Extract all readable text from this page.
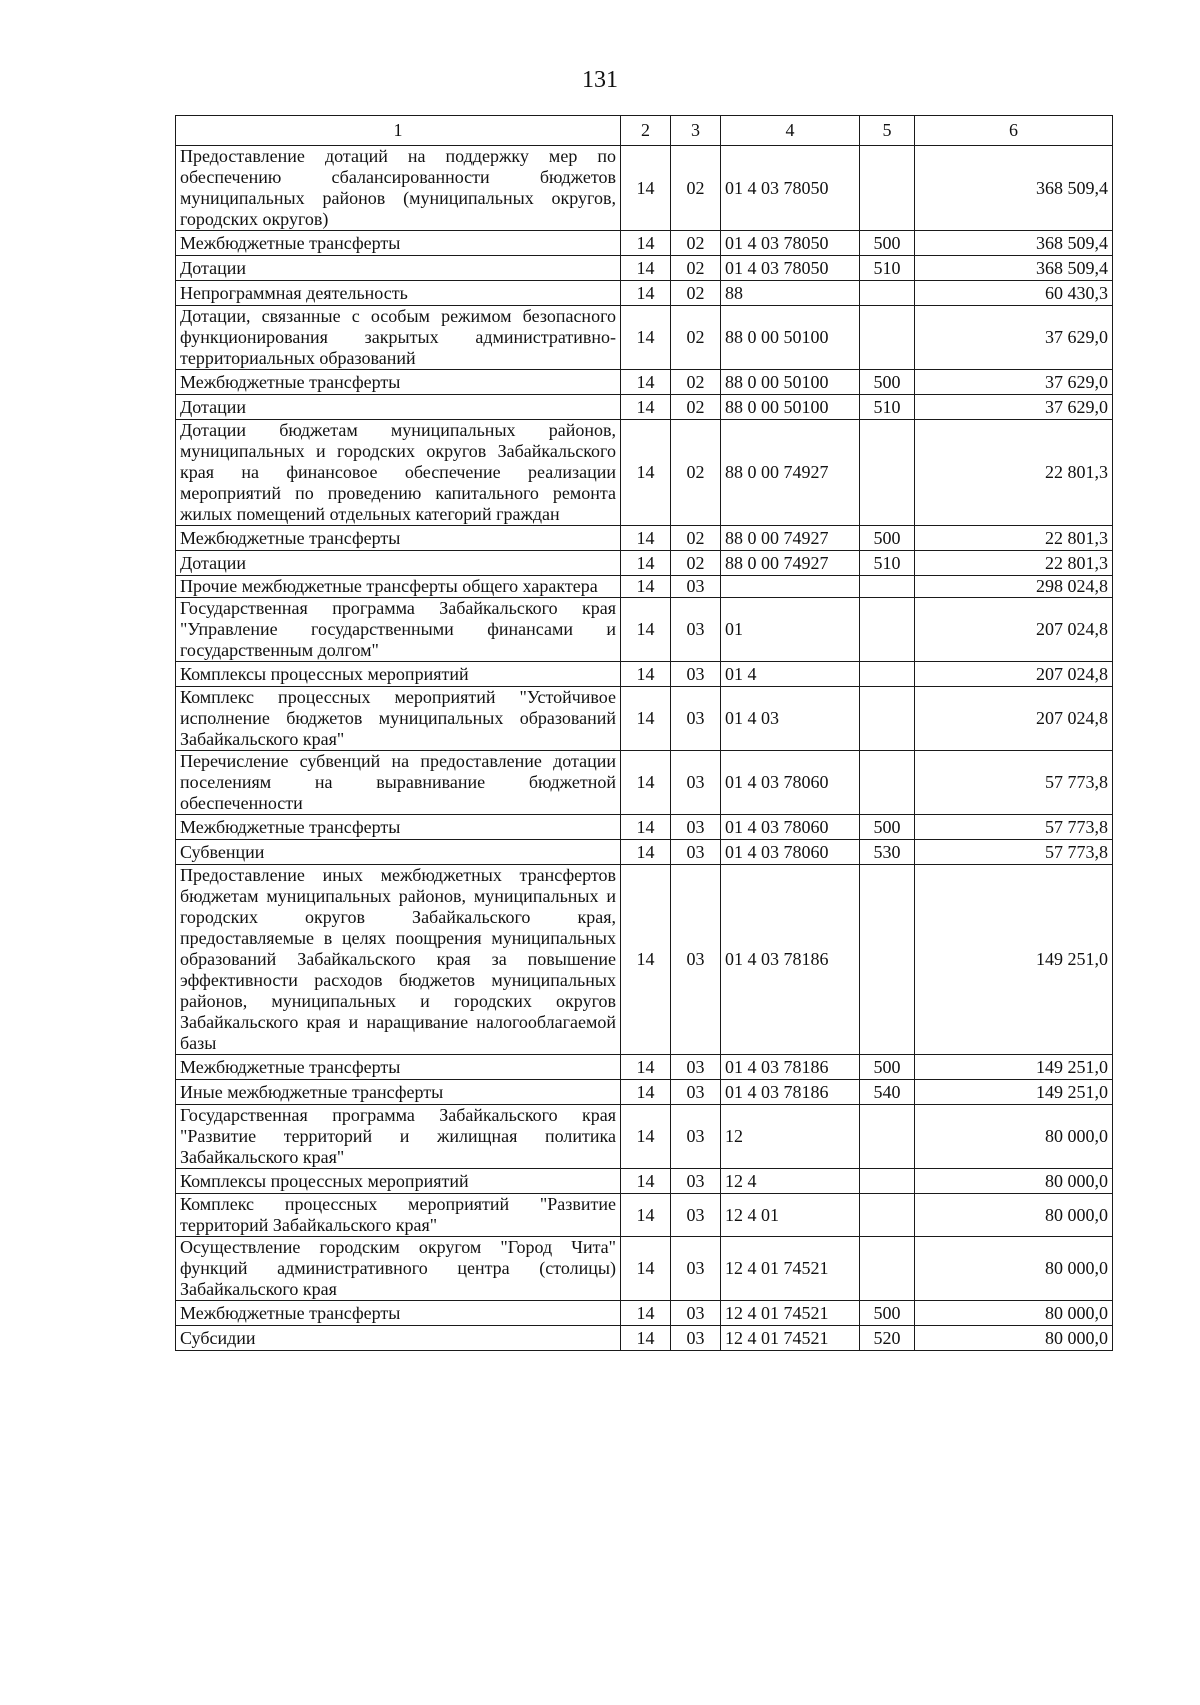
131
1	2	3	4	5	6
Предоставление дотаций на поддержку мер по обеспечению сбалансированности бюджетов муниципальных районов (муниципальных округов, городских округов)	14	02	01 4 03 78050		368 509,4
Межбюджетные трансферты	14	02	01 4 03 78050	500	368 509,4
Дотации	14	02	01 4 03 78050	510	368 509,4
Непрограммная деятельность	14	02	88		60 430,3
Дотации, связанные с особым режимом безопасного функционирования закрытых административно-территориальных образований	14	02	88 0 00 50100		37 629,0
Межбюджетные трансферты	14	02	88 0 00 50100	500	37 629,0
Дотации	14	02	88 0 00 50100	510	37 629,0
Дотации бюджетам муниципальных районов, муниципальных и городских округов Забайкальского края на финансовое обеспечение реализации мероприятий по проведению капитального ремонта жилых помещений отдельных категорий граждан	14	02	88 0 00 74927		22 801,3
Межбюджетные трансферты	14	02	88 0 00 74927	500	22 801,3
Дотации	14	02	88 0 00 74927	510	22 801,3
Прочие межбюджетные трансферты общего характера	14	03			298 024,8
Государственная программа Забайкальского края "Управление государственными финансами и государственным долгом"	14	03	01		207 024,8
Комплексы процессных мероприятий	14	03	01 4		207 024,8
Комплекс процессных мероприятий "Устойчивое исполнение бюджетов муниципальных образований Забайкальского края"	14	03	01 4 03		207 024,8
Перечисление субвенций на предоставление дотации поселениям на выравнивание бюджетной обеспеченности	14	03	01 4 03 78060		57 773,8
Межбюджетные трансферты	14	03	01 4 03 78060	500	57 773,8
Субвенции	14	03	01 4 03 78060	530	57 773,8
Предоставление иных межбюджетных трансфертов бюджетам муниципальных районов, муниципальных и городских округов Забайкальского края, предоставляемые в целях поощрения муниципальных образований Забайкальского края за повышение эффективности расходов бюджетов муниципальных районов, муниципальных и городских округов Забайкальского края и наращивание налогооблагаемой базы	14	03	01 4 03 78186		149 251,0
Межбюджетные трансферты	14	03	01 4 03 78186	500	149 251,0
Иные межбюджетные трансферты	14	03	01 4 03 78186	540	149 251,0
Государственная программа Забайкальского края "Развитие территорий и жилищная политика Забайкальского края"	14	03	12		80 000,0
Комплексы процессных мероприятий	14	03	12 4		80 000,0
Комплекс процессных мероприятий "Развитие территорий Забайкальского края"	14	03	12 4 01		80 000,0
Осуществление городским округом "Город Чита" функций административного центра (столицы) Забайкальского края	14	03	12 4 01 74521		80 000,0
Межбюджетные трансферты	14	03	12 4 01 74521	500	80 000,0
Субсидии	14	03	12 4 01 74521	520	80 000,0
